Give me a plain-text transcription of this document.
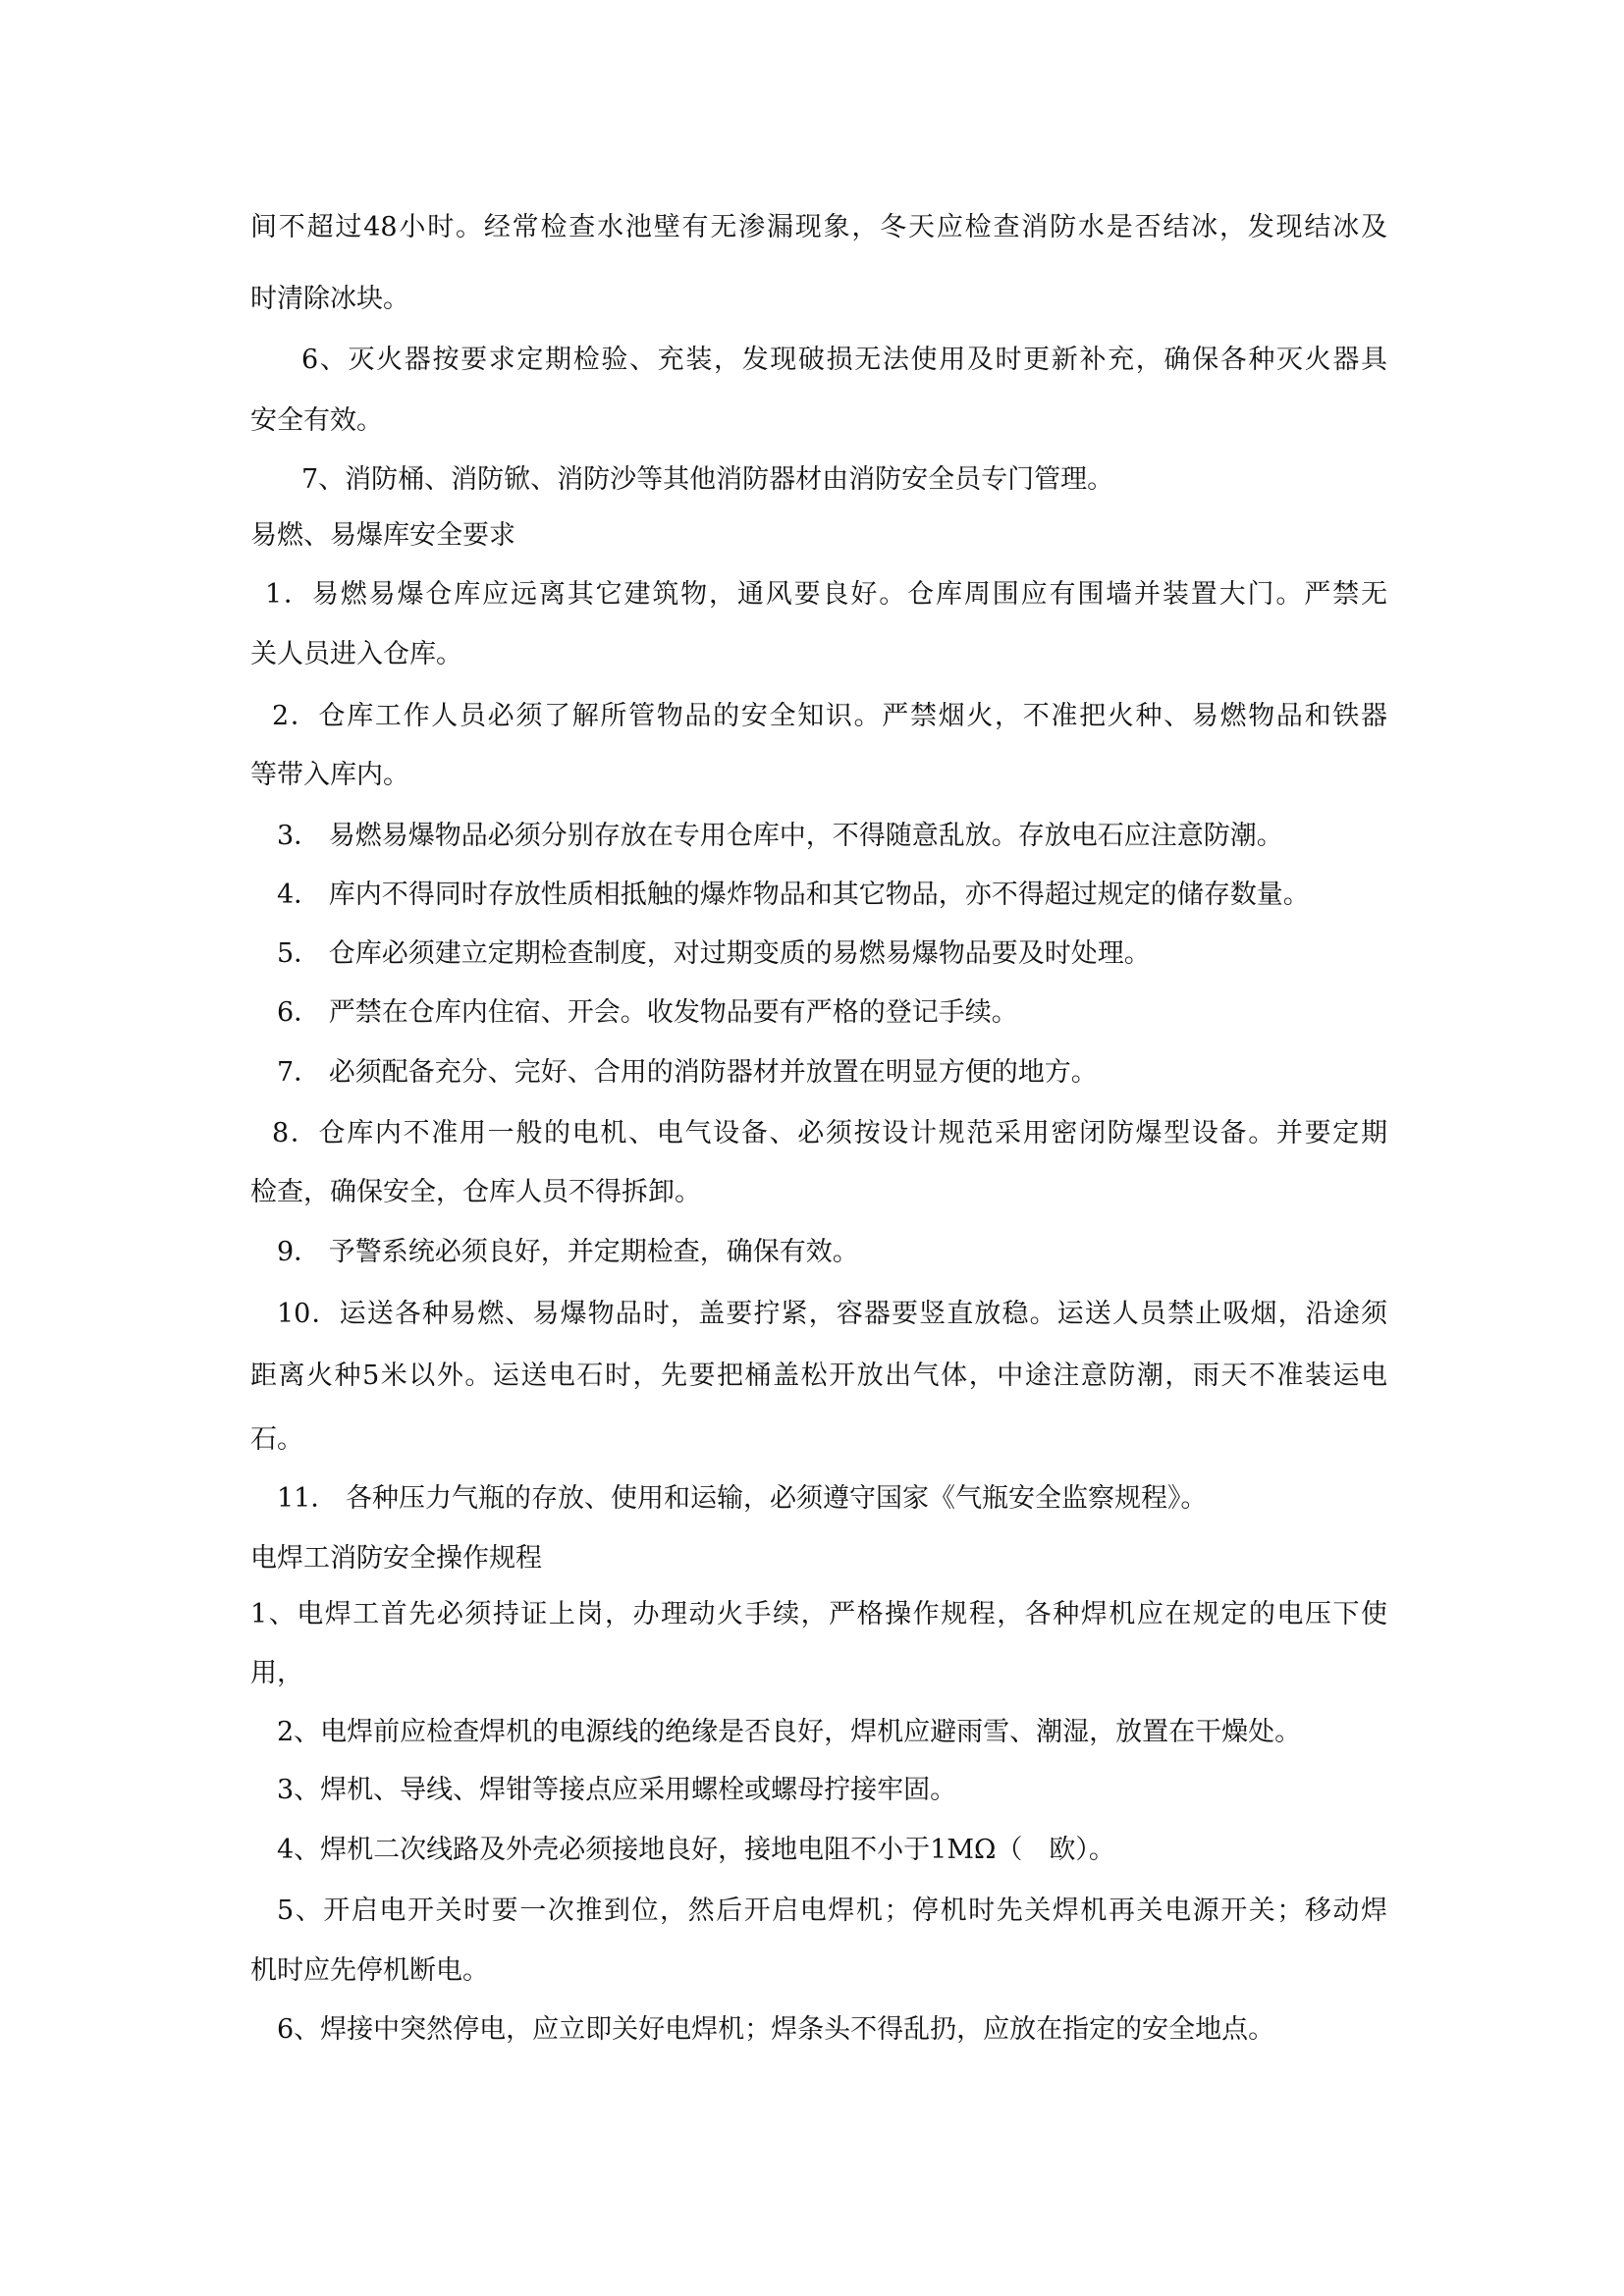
间不超过48小时。经常检查水池壁有无渗漏现象，冬天应检查消防水是否结冰，发现结冰及
时清除冰块。
6、灭火器按要求定期检验、充装，发现破损无法使用及时更新补充，确保各种灭火器具
安全有效。
7、消防桶、消防锨、消防沙等其他消防器材由消防安全员专门管理。
易燃、易爆库安全要求
1．易燃易爆仓库应远离其它建筑物，通风要良好。仓库周围应有围墙并装置大门。严禁无
关人员进入仓库。
2．仓库工作人员必须了解所管物品的安全知识。严禁烟火，不准把火种、易燃物品和铁器
等带入库内。
3． 易燃易爆物品必须分别存放在专用仓库中，不得随意乱放。存放电石应注意防潮。
4． 库内不得同时存放性质相抵触的爆炸物品和其它物品，亦不得超过规定的储存数量。
5． 仓库必须建立定期检查制度，对过期变质的易燃易爆物品要及时处理。
6． 严禁在仓库内住宿、开会。收发物品要有严格的登记手续。
7． 必须配备充分、完好、合用的消防器材并放置在明显方便的地方。
8．仓库内不准用一般的电机、电气设备、必须按设计规范采用密闭防爆型设备。并要定期
检查，确保安全，仓库人员不得拆卸。
9． 予警系统必须良好，并定期检查，确保有效。
10．运送各种易燃、易爆物品时，盖要拧紧，容器要竖直放稳。运送人员禁止吸烟，沿途须
距离火种5米以外。运送电石时，先要把桶盖松开放出气体，中途注意防潮，雨天不准装运电
石。
11． 各种压力气瓶的存放、使用和运输，必须遵守国家《气瓶安全监察规程》。
电焊工消防安全操作规程
1、电焊工首先必须持证上岗，办理动火手续，严格操作规程，各种焊机应在规定的电压下使
用，
2、电焊前应检查焊机的电源线的绝缘是否良好，焊机应避雨雪、潮湿，放置在干燥处。
3、焊机、导线、焊钳等接点应采用螺栓或螺母拧接牢固。
4、焊机二次线路及外壳必须接地良好，接地电阻不小于1MΩ（　欧）。
5、开启电开关时要一次推到位，然后开启电焊机；停机时先关焊机再关电源开关；移动焊
机时应先停机断电。
6、焊接中突然停电，应立即关好电焊机；焊条头不得乱扔，应放在指定的安全地点。
